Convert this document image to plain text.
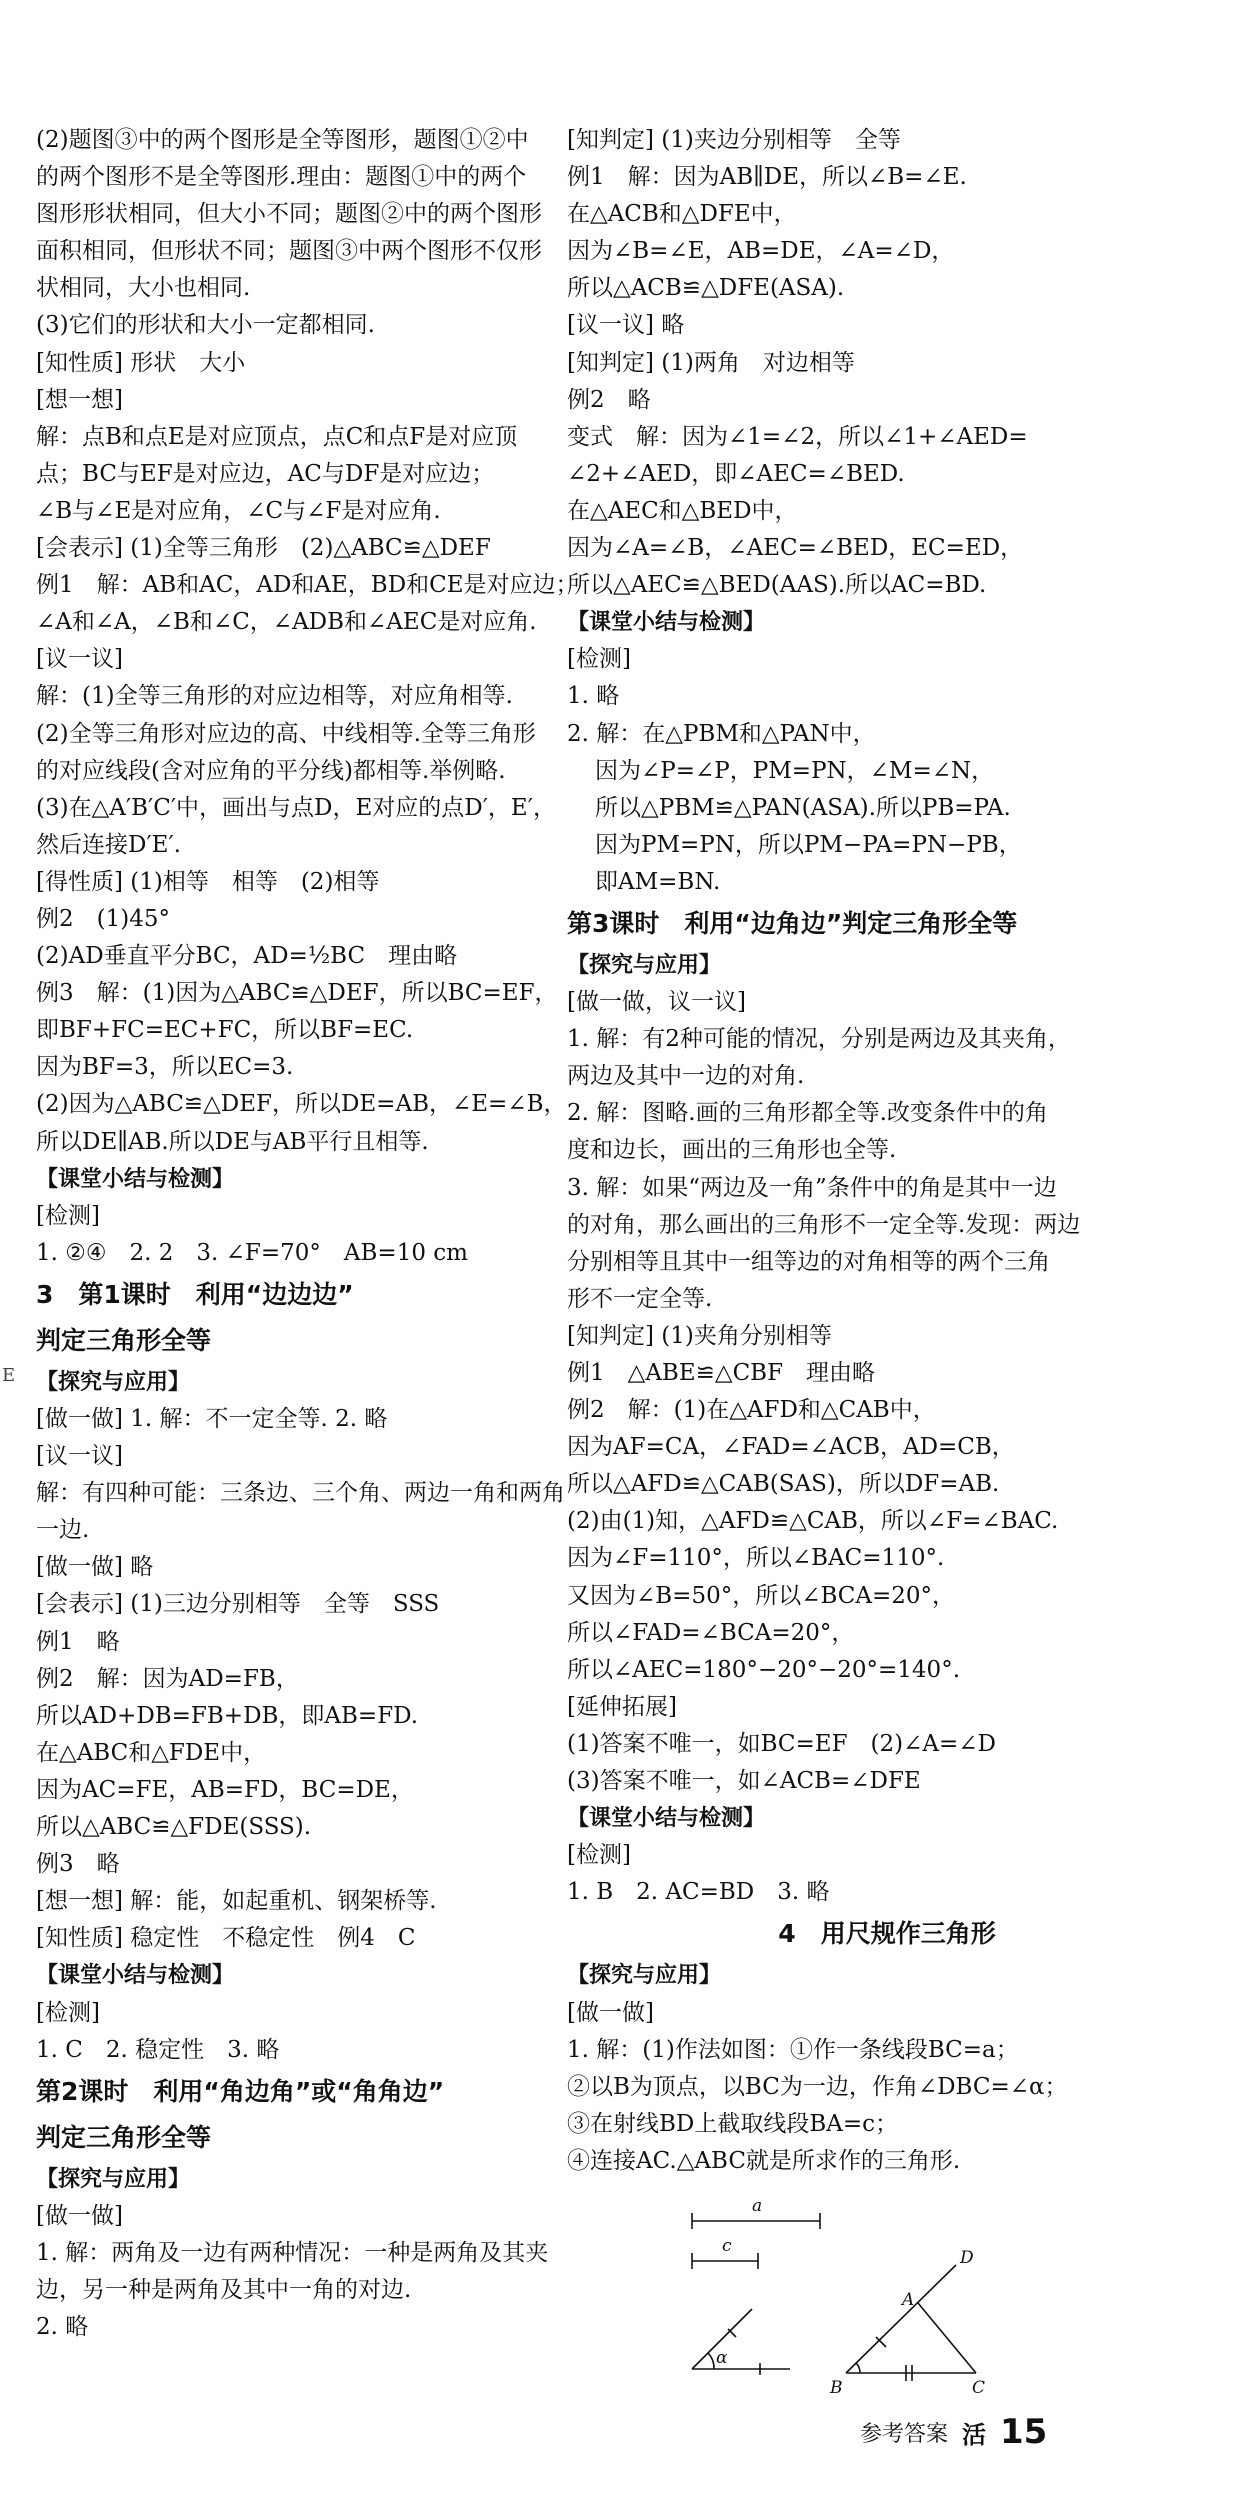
(2)题图③中的两个图形是全等图形，题图①②中
的两个图形不是全等图形.理由：题图①中的两个
图形形状相同，但大小不同；题图②中的两个图形
面积相同，但形状不同；题图③中两个图形不仅形
状相同，大小也相同.
(3)它们的形状和大小一定都相同.
[知性质] 形状　大小
[想一想]
解：点B和点E是对应顶点，点C和点F是对应顶
点；BC与EF是对应边，AC与DF是对应边；
∠B与∠E是对应角，∠C与∠F是对应角.
[会表示] (1)全等三角形　(2)△ABC≌△DEF
例1　解：AB和AC，AD和AE，BD和CE是对应边；
∠A和∠A，∠B和∠C，∠ADB和∠AEC是对应角.
[议一议]
解：(1)全等三角形的对应边相等，对应角相等.
(2)全等三角形对应边的高、中线相等.全等三角形
的对应线段(含对应角的平分线)都相等.举例略.
(3)在△A′B′C′中，画出与点D，E对应的点D′，E′，
然后连接D′E′.
[得性质] (1)相等　相等　(2)相等
例2　(1)45°
(2)AD垂直平分BC，AD=½BC　理由略
例3　解：(1)因为△ABC≌△DEF，所以BC=EF，
即BF+FC=EC+FC，所以BF=EC.
因为BF=3，所以EC=3.
(2)因为△ABC≌△DEF，所以DE=AB，∠E=∠B，
所以DE∥AB.所以DE与AB平行且相等.
【课堂小结与检测】
[检测]
1. ②④　2. 2　3. ∠F=70°　AB=10 cm
3　第1课时　利用“边边边”
判定三角形全等
【探究与应用】
[做一做] 1. 解：不一定全等. 2. 略
[议一议]
解：有四种可能：三条边、三个角、两边一角和两角
一边.
[做一做] 略
[会表示] (1)三边分别相等　全等　SSS
例1　略
例2　解：因为AD=FB，
所以AD+DB=FB+DB，即AB=FD.
在△ABC和△FDE中，
因为AC=FE，AB=FD，BC=DE，
所以△ABC≌△FDE(SSS).
例3　略
[想一想] 解：能，如起重机、钢架桥等.
[知性质] 稳定性　不稳定性　例4　C
【课堂小结与检测】
[检测]
1. C　2. 稳定性　3. 略
第2课时　利用“角边角”或“角角边”
判定三角形全等
【探究与应用】
[做一做]
1. 解：两角及一边有两种情况：一种是两角及其夹
边，另一种是两角及其中一角的对边.
2. 略
[知判定] (1)夹边分别相等　全等
例1　解：因为AB∥DE，所以∠B=∠E.
在△ACB和△DFE中，
因为∠B=∠E，AB=DE，∠A=∠D，
所以△ACB≌△DFE(ASA).
[议一议] 略
[知判定] (1)两角　对边相等
例2　略
变式　解：因为∠1=∠2，所以∠1+∠AED=
∠2+∠AED，即∠AEC=∠BED.
在△AEC和△BED中，
因为∠A=∠B，∠AEC=∠BED，EC=ED，
所以△AEC≌△BED(AAS).所以AC=BD.
【课堂小结与检测】
[检测]
1. 略
2. 解：在△PBM和△PAN中，
因为∠P=∠P，PM=PN，∠M=∠N，
所以△PBM≌△PAN(ASA).所以PB=PA.
因为PM=PN，所以PM−PA=PN−PB，
即AM=BN.
第3课时　利用“边角边”判定三角形全等
【探究与应用】
[做一做，议一议]
1. 解：有2种可能的情况，分别是两边及其夹角，
两边及其中一边的对角.
2. 解：图略.画的三角形都全等.改变条件中的角
度和边长，画出的三角形也全等.
3. 解：如果“两边及一角”条件中的角是其中一边
的对角，那么画出的三角形不一定全等.发现：两边
分别相等且其中一组等边的对角相等的两个三角
形不一定全等.
[知判定] (1)夹角分别相等
例1　△ABE≌△CBF　理由略
例2　解：(1)在△AFD和△CAB中，
因为AF=CA，∠FAD=∠ACB，AD=CB，
所以△AFD≌△CAB(SAS)，所以DF=AB.
(2)由(1)知，△AFD≌△CAB，所以∠F=∠BAC.
因为∠F=110°，所以∠BAC=110°.
又因为∠B=50°，所以∠BCA=20°，
所以∠FAD=∠BCA=20°，
所以∠AEC=180°−20°−20°=140°.
[延伸拓展]
(1)答案不唯一，如BC=EF　(2)∠A=∠D
(3)答案不唯一，如∠ACB=∠DFE
【课堂小结与检测】
[检测]
1. B　2. AC=BD　3. 略
4　用尺规作三角形
【探究与应用】
[做一做]
1. 解：(1)作法如图：①作一条线段BC=a；
②以B为顶点，以BC为一边，作角∠DBC=∠α；
③在射线BD上截取线段BA=c；
④连接AC.△ABC就是所求作的三角形.
a
c
α
A
D
B	C
参考答案 活 15
E
